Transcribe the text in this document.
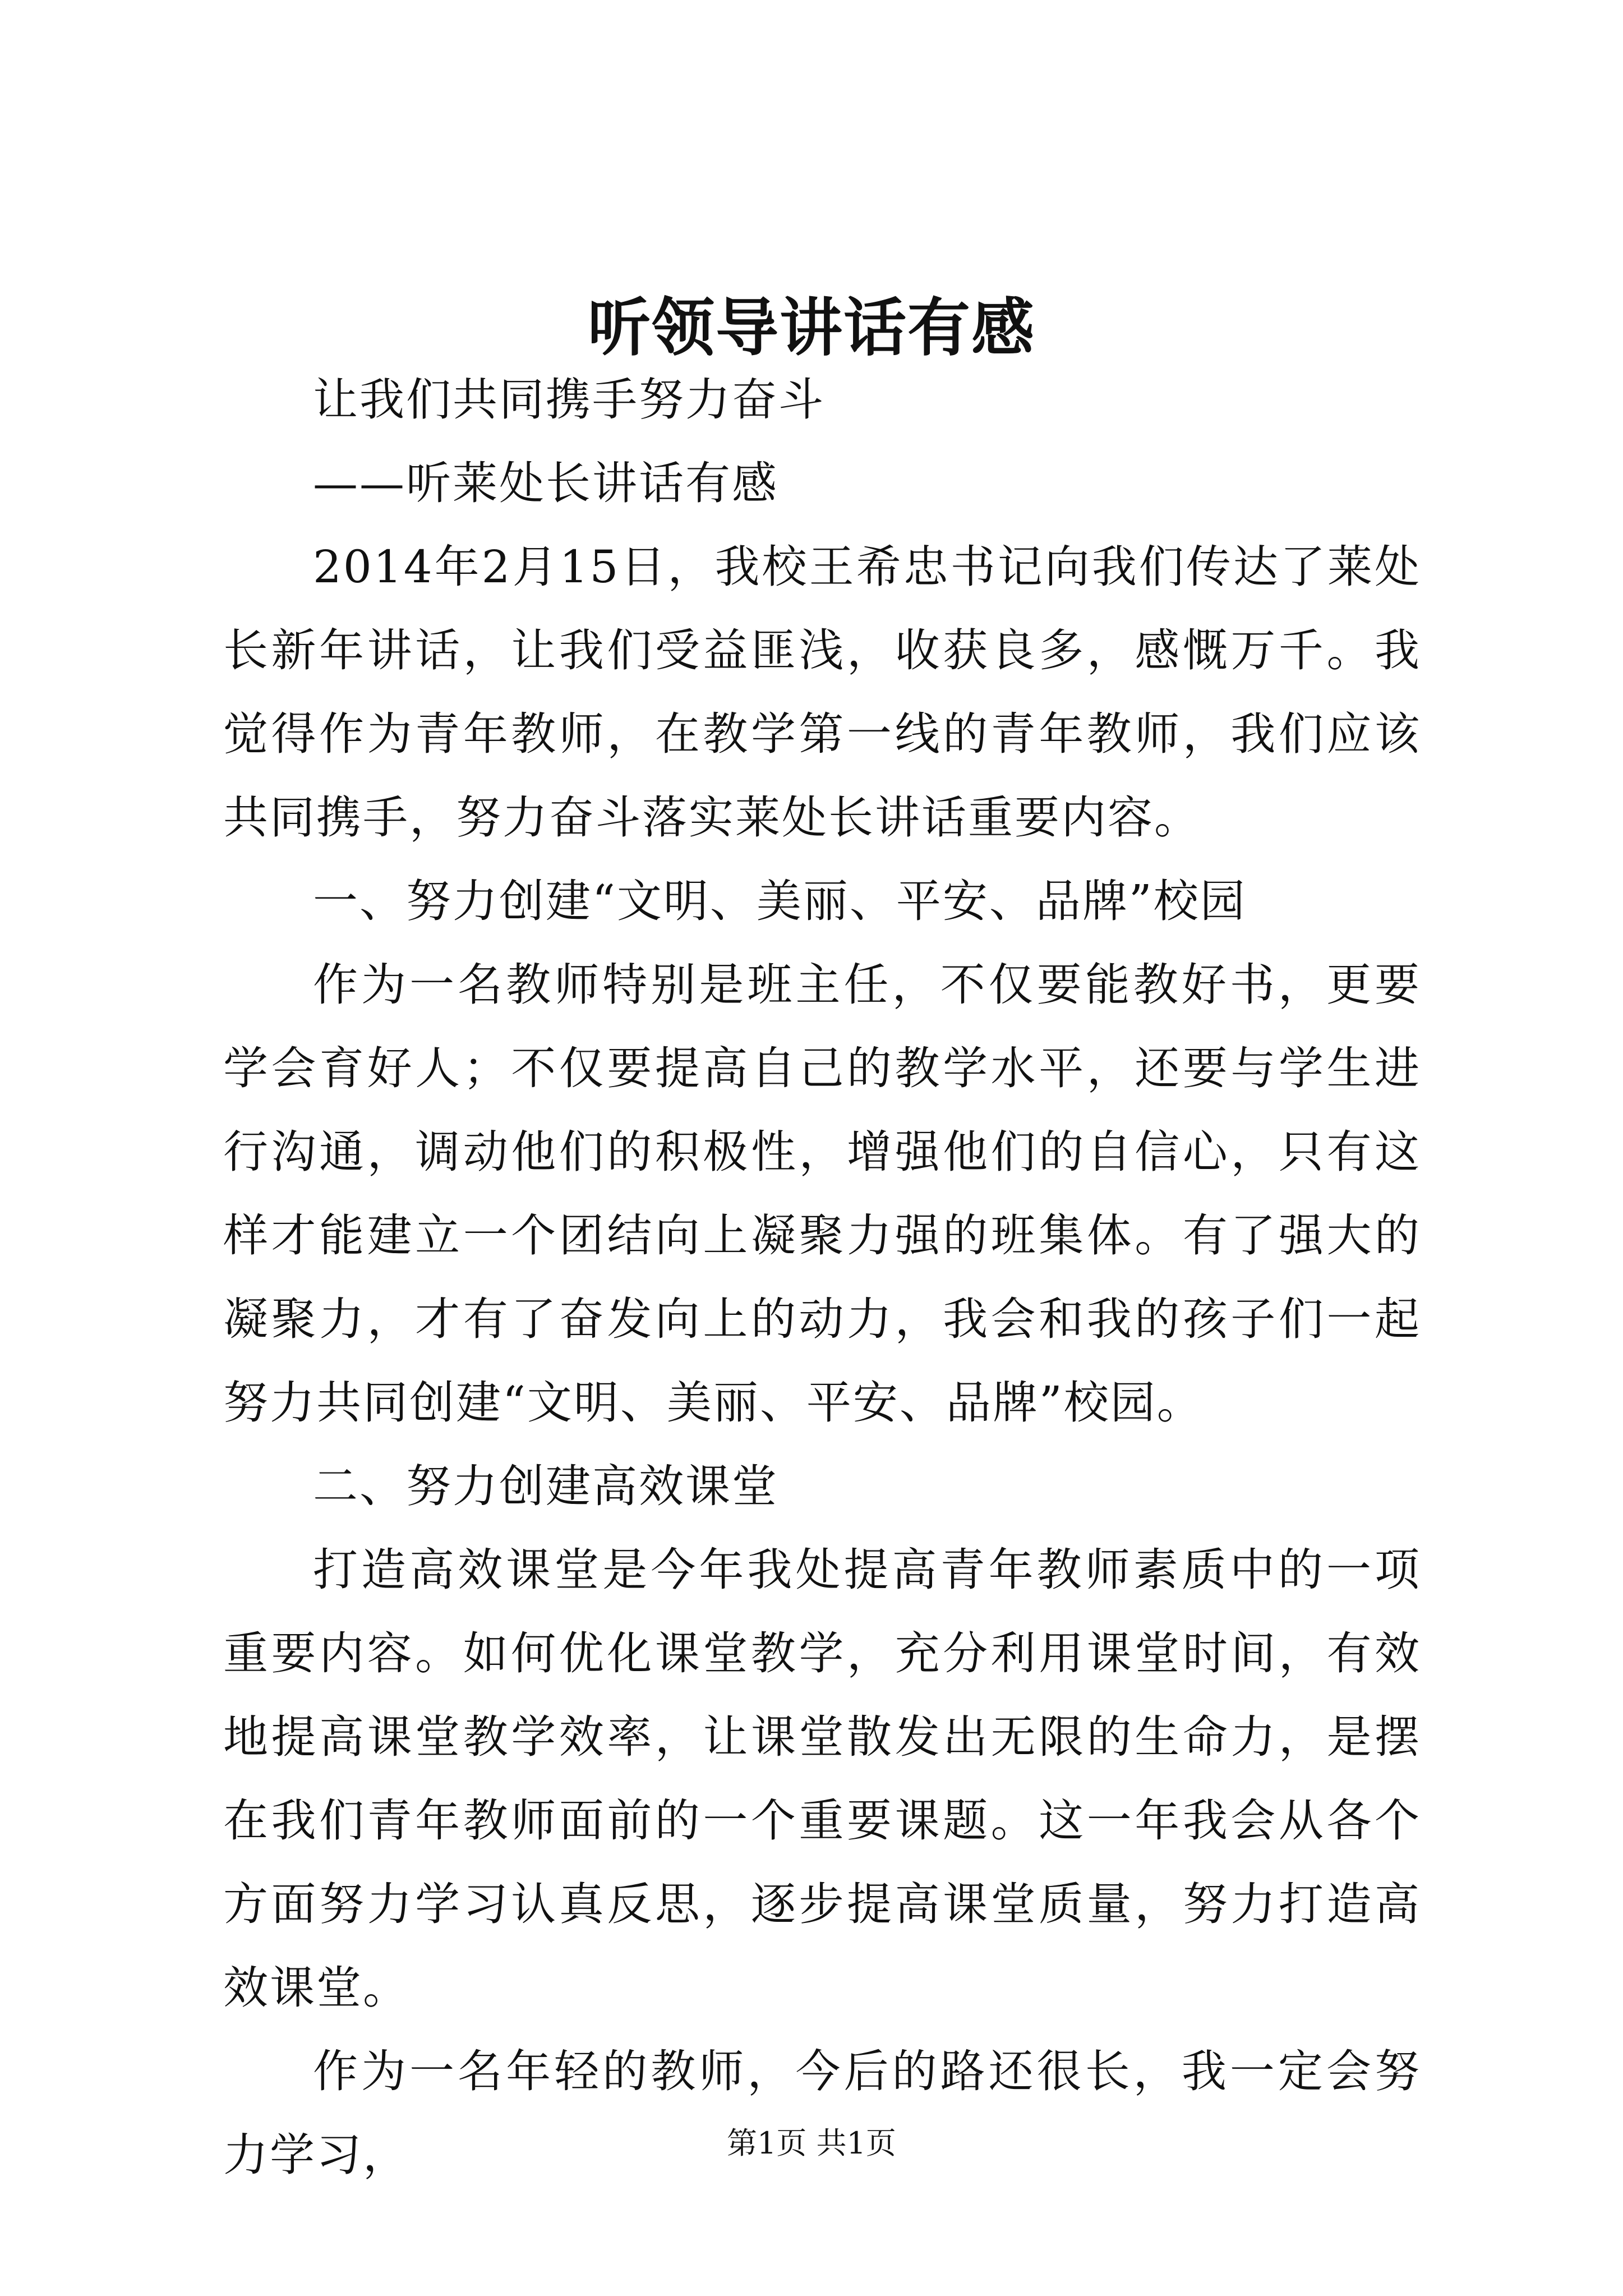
听领导讲话有感

让我们共同携手努力奋斗

——听莱处长讲话有感

2014年2月15日，我校王希忠书记向我们传达了莱处长新年讲话，让我们受益匪浅，收获良多，感慨万千。我觉得作为青年教师，在教学第一线的青年教师，我们应该共同携手，努力奋斗落实莱处长讲话重要内容。

一、努力创建“文明、美丽、平安、品牌”校园

作为一名教师特别是班主任，不仅要能教好书，更要学会育好人；不仅要提高自己的教学水平，还要与学生进行沟通，调动他们的积极性，增强他们的自信心，只有这样才能建立一个团结向上凝聚力强的班集体。有了强大的凝聚力，才有了奋发向上的动力，我会和我的孩子们一起努力共同创建“文明、美丽、平安、品牌”校园。

二、努力创建高效课堂

打造高效课堂是今年我处提高青年教师素质中的一项重要内容。如何优化课堂教学，充分利用课堂时间，有效地提高课堂教学效率，让课堂散发出无限的生命力，是摆在我们青年教师面前的一个重要课题。这一年我会从各个方面努力学习认真反思，逐步提高课堂质量，努力打造高效课堂。

作为一名年轻的教师，今后的路还很长，我一定会努力学习，	第1页 共1页
